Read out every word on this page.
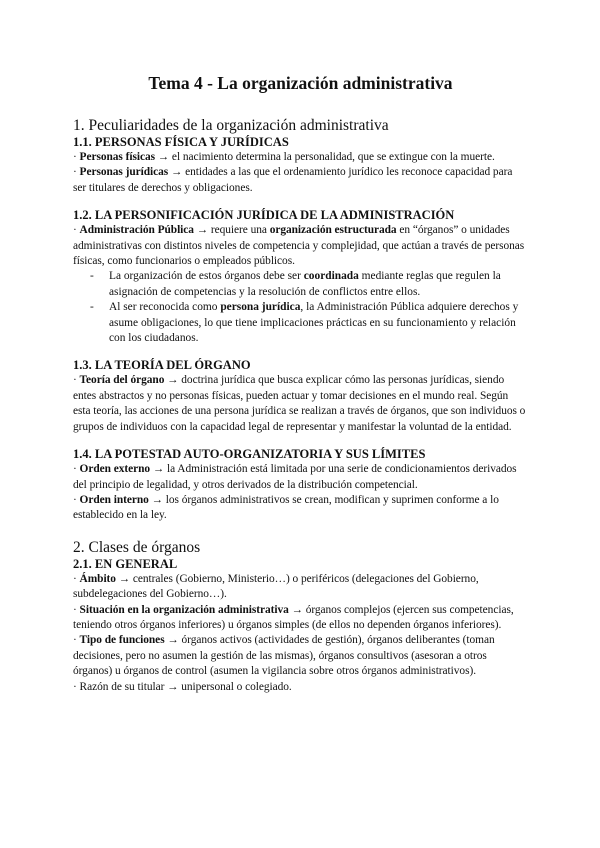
Tema 4 - La organización administrativa
1. Peculiaridades de la organización administrativa
1.1. PERSONAS FÍSICA Y JURÍDICAS

· Personas físicas → el nacimiento determina la personalidad, que se extingue con la muerte.

· Personas jurídicas → entidades a las que el ordenamiento jurídico les reconoce capacidad para ser titulares de derechos y obligaciones.

1.2. LA PERSONIFICACIÓN JURÍDICA DE LA ADMINISTRACIÓN

· Administración Pública → requiere una organización estructurada en “órganos” o unidades administrativas con distintos niveles de competencia y complejidad, que actúan a través de personas físicas, como funcionarios o empleados públicos.

- La organización de estos órganos debe ser coordinada mediante reglas que regulen la asignación de competencias y la resolución de conflictos entre ellos.
- Al ser reconocida como persona jurídica, la Administración Pública adquiere derechos y asume obligaciones, lo que tiene implicaciones prácticas en su funcionamiento y relación con los ciudadanos.
1.3. LA TEORÍA DEL ÓRGANO

· Teoría del órgano → doctrina jurídica que busca explicar cómo las personas jurídicas, siendo entes abstractos y no personas físicas, pueden actuar y tomar decisiones en el mundo real. Según esta teoría, las acciones de una persona jurídica se realizan a través de órganos, que son individuos o grupos de individuos con la capacidad legal de representar y manifestar la voluntad de la entidad.

1.4. LA POTESTAD AUTO-ORGANIZATORIA Y SUS LÍMITES

· Orden externo → la Administración está limitada por una serie de condicionamientos derivados del principio de legalidad, y otros derivados de la distribución competencial.

· Orden interno → los órganos administrativos se crean, modifican y suprimen conforme a lo establecido en la ley.

2. Clases de órganos
2.1. EN GENERAL

· Ámbito → centrales (Gobierno, Ministerio…) o periféricos (delegaciones del Gobierno, subdelegaciones del Gobierno…).

· Situación en la organización administrativa → órganos complejos (ejercen sus competencias, teniendo otros órganos inferiores) u órganos simples (de ellos no dependen órganos inferiores).

· Tipo de funciones → órganos activos (actividades de gestión), órganos deliberantes (toman decisiones, pero no asumen la gestión de las mismas), órganos consultivos (asesoran a otros órganos) u órganos de control (asumen la vigilancia sobre otros órganos administrativos).

· Razón de su titular → unipersonal o colegiado.
